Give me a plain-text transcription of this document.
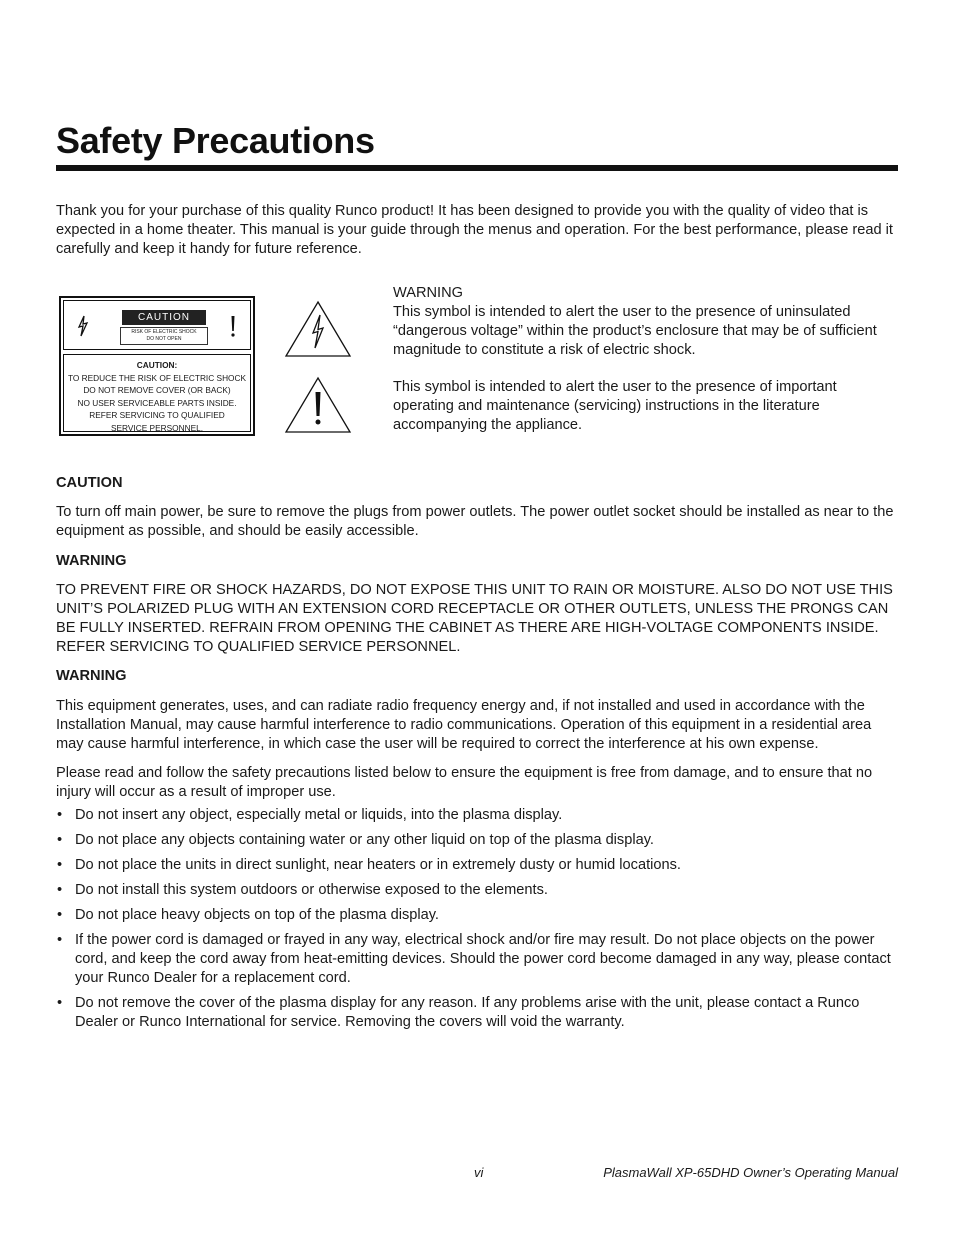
Safety Precautions

Thank you for your purchase of this quality Runco product! It has been designed to provide you with the quality of video that is expected in a home theater. This manual is your guide through the menus and operation. For the best performance, please read it carefully and keep it handy for future reference.

CAUTION
RISK OF ELECTRIC SHOCK
DO NOT OPEN
CAUTION:
TO REDUCE THE RISK OF ELECTRIC SHOCK
DO NOT REMOVE COVER (OR BACK)
NO USER SERVICEABLE PARTS INSIDE.
REFER SERVICING TO QUALIFIED
SERVICE PERSONNEL.

WARNING

This symbol is intended to alert the user to the presence of uninsulated “dangerous voltage” within the product’s enclosure that may be of sufficient magnitude to constitute a risk of electric shock.

This symbol is intended to alert the user to the presence of important operating and maintenance (servicing) instructions in the literature accompanying the appliance.

CAUTION

To turn off main power, be sure to remove the plugs from power outlets. The power outlet socket should be installed as near to the equipment as possible, and should be easily accessible.

WARNING

TO PREVENT FIRE OR SHOCK HAZARDS, DO NOT EXPOSE THIS UNIT TO RAIN OR MOISTURE. ALSO DO NOT USE THIS UNIT’S POLARIZED PLUG WITH AN EXTENSION CORD RECEPTACLE OR OTHER OUTLETS, UNLESS THE PRONGS CAN BE FULLY INSERTED. REFRAIN FROM OPENING THE CABINET AS THERE ARE HIGH-VOLTAGE COMPONENTS INSIDE. REFER SERVICING TO QUALIFIED SERVICE PERSONNEL.

WARNING

This equipment generates, uses, and can radiate radio frequency energy and, if not installed and used in accordance with the Installation Manual, may cause harmful interference to radio communications. Operation of this equipment in a residential area may cause harmful interference, in which case the user will be required to correct the interference at his own expense.

Please read and follow the safety precautions listed below to ensure the equipment is free from damage, and to ensure that no injury will occur as a result of improper use.

• Do not insert any object, especially metal or liquids, into the plasma display.
• Do not place any objects containing water or any other liquid on top of the plasma display.
• Do not place the units in direct sunlight, near heaters or in extremely dusty or humid locations.
• Do not install this system outdoors or otherwise exposed to the elements.
• Do not place heavy objects on top of the plasma display.
• If the power cord is damaged or frayed in any way, electrical shock and/or fire may result. Do not place objects on the power cord, and keep the cord away from heat-emitting devices. Should the power cord become damaged in any way, please contact your Runco Dealer for a replacement cord.
• Do not remove the cover of the plasma display for any reason. If any problems arise with the unit, please contact a Runco Dealer or Runco International for service. Removing the covers will void the warranty.
vi	PlasmaWall XP-65DHD Owner’s Operating Manual
